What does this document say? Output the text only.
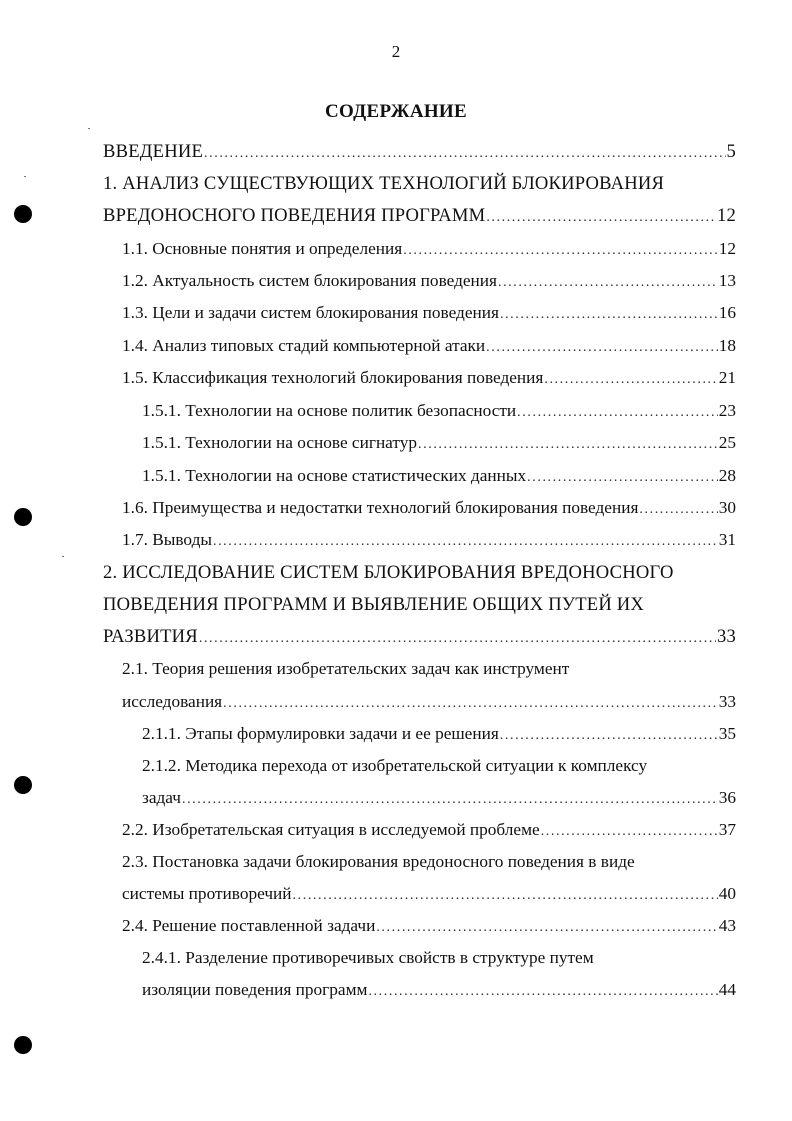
2
СОДЕРЖАНИЕ
ВВЕДЕНИЕ .....	5
1. АНАЛИЗ СУЩЕСТВУЮЩИХ ТЕХНОЛОГИЙ БЛОКИРОВАНИЯ
ВРЕДОНОСНОГО ПОВЕДЕНИЯ ПРОГРАММ .....	12
1.1. Основные понятия и определения .....	12
1.2. Актуальность систем блокирования поведения .....	13
1.3. Цели и задачи систем блокирования поведения .....	16
1.4. Анализ типовых стадий компьютерной атаки .....	18
1.5. Классификация технологий блокирования поведения .....	21
1.5.1. Технологии на основе политик безопасности .....	23
1.5.1. Технологии на основе сигнатур .....	25
1.5.1. Технологии на основе статистических данных .....	28
1.6. Преимущества и недостатки технологий блокирования поведения .....	30
1.7. Выводы .....	31
2. ИССЛЕДОВАНИЕ СИСТЕМ БЛОКИРОВАНИЯ ВРЕДОНОСНОГО
ПОВЕДЕНИЯ ПРОГРАММ И ВЫЯВЛЕНИЕ ОБЩИХ ПУТЕЙ ИХ
РАЗВИТИЯ .....	33
2.1. Теория решения изобретательских задач как инструмент
исследования .....	33
2.1.1. Этапы формулировки задачи и ее решения .....	35
2.1.2. Методика перехода от изобретательской ситуации к комплексу
задач .....	36
2.2. Изобретательская ситуация в исследуемой проблеме .....	37
2.3. Постановка задачи блокирования вредоносного поведения в виде
системы противоречий .....	40
2.4. Решение поставленной задачи .....	43
2.4.1. Разделение противоречивых свойств в структуре путем
изоляции поведения программ .....	44
